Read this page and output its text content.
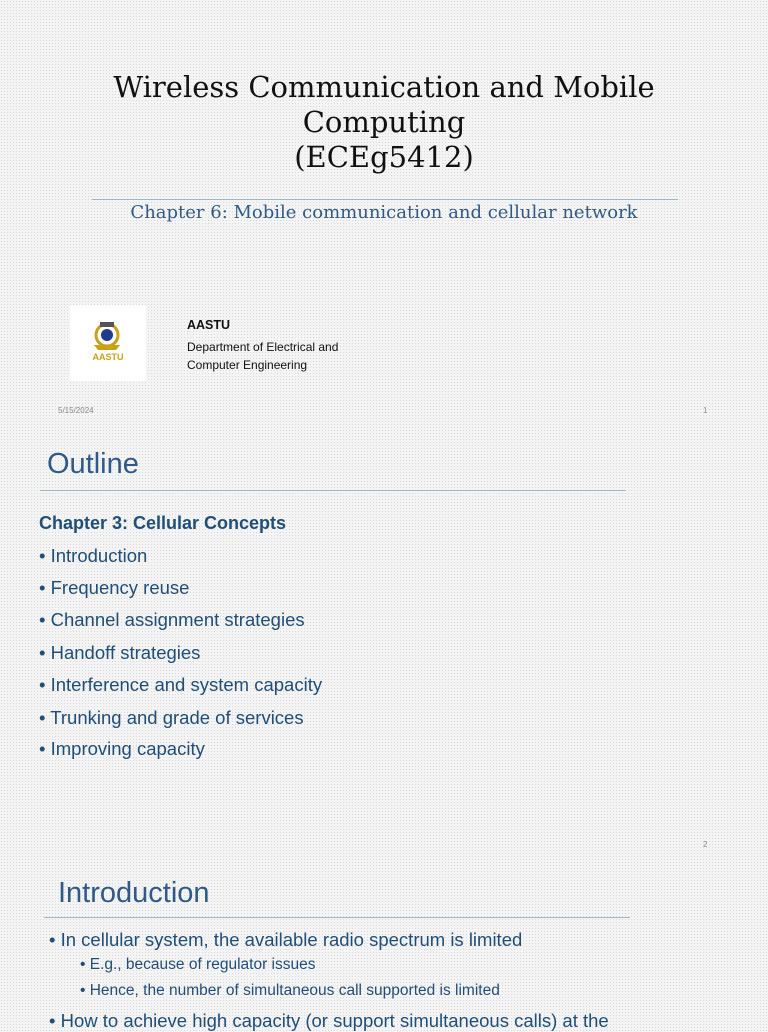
Wireless Communication and Mobile
Computing
(ECEg5412)
Chapter 6: Mobile communication and cellular network
AASTU
AASTU
Department of Electrical and Computer Engineering
5/15/2024	1
Outline
Chapter 3: Cellular Concepts
• Introduction
• Frequency reuse
• Channel assignment strategies
• Handoff strategies
• Interference and system capacity
• Trunking and grade of services
• Improving capacity
2
Introduction
• In cellular system, the available radio spectrum is limited
• E.g., because of regulator issues
• Hence, the number of simultaneous call supported is limited
• How to achieve high capacity (or support simultaneous calls) at the
